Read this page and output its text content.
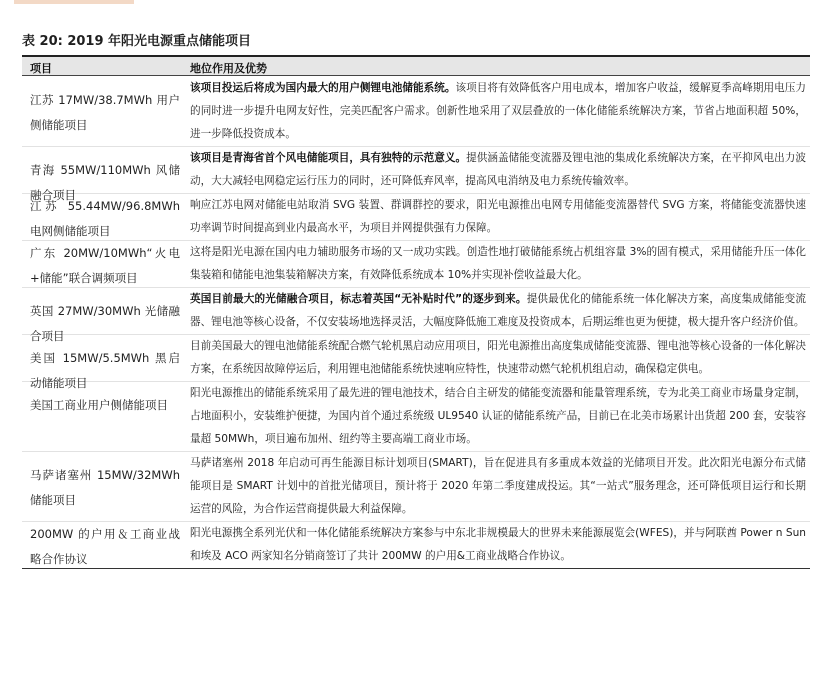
表 20: 2019 年阳光电源重点储能项目
项目	地位作用及优势
江苏 17MW/38.7MWh 用户侧储能项目
该项目投运后将成为国内最大的用户侧锂电池储能系统。该项目将有效降低客户用电成本，增加客户收益，缓解夏季高峰期用电压力的同时进一步提升电网友好性，完美匹配客户需求。创新性地采用了双层叠放的一体化储能系统解决方案，节省占地面积超 50%，进一步降低投资成本。
青海 55MW/110MWh 风储融合项目
该项目是青海省首个风电储能项目，具有独特的示范意义。提供涵盖储能变流器及锂电池的集成化系统解决方案，在平抑风电出力波动，大大减轻电网稳定运行压力的同时，还可降低弃风率，提高风电消纳及电力系统传输效率。
江苏 55.44MW/96.8MWh 电网侧储能项目
响应江苏电网对储能电站取消 SVG 装置、群调群控的要求，阳光电源推出电网专用储能变流器替代 SVG 方案，将储能变流器快速功率调节时间提高到业内最高水平，为项目并网提供强有力保障。
广东 20MW/10MWh“火电+储能”联合调频项目
这将是阳光电源在国内电力辅助服务市场的又一成功实践。创造性地打破储能系统占机组容量 3%的固有模式，采用储能升压一体化集装箱和储能电池集装箱解决方案，有效降低系统成本 10%并实现补偿收益最大化。
英国 27MW/30MWh 光储融合项目
英国目前最大的光储融合项目，标志着英国“无补贴时代”的逐步到来。提供最优化的储能系统一体化解决方案，高度集成储能变流器、锂电池等核心设备，不仅安装场地选择灵活，大幅度降低施工难度及投资成本，后期运维也更为便捷，极大提升客户经济价值。
美国 15MW/5.5MWh 黑启动储能项目
目前美国最大的锂电池储能系统配合燃气轮机黑启动应用项目，阳光电源推出高度集成储能变流器、锂电池等核心设备的一体化解决方案，在系统因故障停运后，利用锂电池储能系统快速响应特性，快速带动燃气轮机机组启动，确保稳定供电。
美国工商业用户侧储能项目
阳光电源推出的储能系统采用了最先进的锂电池技术，结合自主研发的储能变流器和能量管理系统，专为北美工商业市场量身定制，占地面积小，安装维护便捷，为国内首个通过系统级 UL9540 认证的储能系统产品，目前已在北美市场累计出货超 200 套，安装容量超 50MWh，项目遍布加州、纽约等主要高端工商业市场。
马萨诸塞州 15MW/32MWh 储能项目
马萨诸塞州 2018 年启动可再生能源目标计划项目(SMART)，旨在促进具有多重成本效益的光储项目开发。此次阳光电源分布式储能项目是 SMART 计划中的首批光储项目，预计将于 2020 年第二季度建成投运。其“一站式”服务理念，还可降低项目运行和长期运营的风险，为合作运营商提供最大利益保障。
200MW 的户用＆工商业战略合作协议
阳光电源携全系列光伏和一体化储能系统解决方案参与中东北非规模最大的世界未来能源展览会(WFES)，并与阿联酋 Power n Sun 和埃及 ACO 两家知名分销商签订了共计 200MW 的户用&工商业战略合作协议。
